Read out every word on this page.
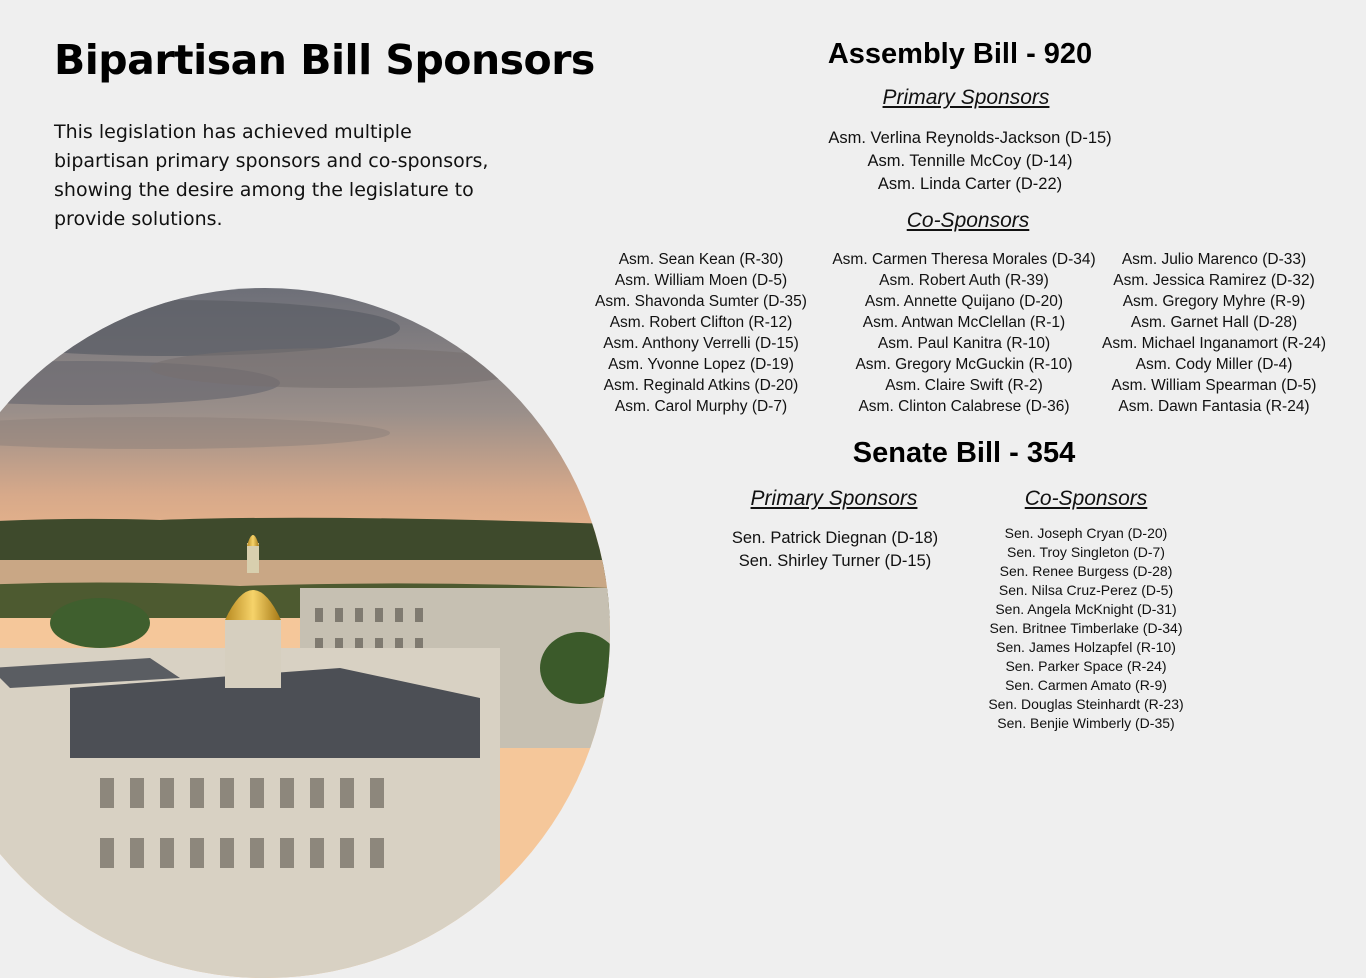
Bipartisan Bill Sponsors

This legislation has achieved multiple bipartisan primary sponsors and co-sponsors, showing the desire among the legislature to provide solutions.

Assembly Bill - 920
Primary Sponsors
Asm. Verlina Reynolds-Jackson (D-15)
Asm. Tennille McCoy (D-14)
Asm. Linda Carter (D-22)
Co-Sponsors
Asm. Sean Kean (R-30)
Asm. William Moen (D-5)
Asm. Shavonda Sumter (D-35)
Asm. Robert Clifton (R-12)
Asm. Anthony Verrelli (D-15)
Asm. Yvonne Lopez (D-19)
Asm. Reginald Atkins (D-20)
Asm. Carol Murphy (D-7)
Asm. Carmen Theresa Morales (D-34)
Asm. Robert Auth (R-39)
Asm. Annette Quijano (D-20)
Asm. Antwan McClellan (R-1)
Asm. Paul Kanitra (R-10)
Asm. Gregory McGuckin (R-10)
Asm. Claire Swift (R-2)
Asm. Clinton Calabrese (D-36)
Asm. Julio Marenco (D-33)
Asm. Jessica Ramirez (D-32)
Asm. Gregory Myhre (R-9)
Asm. Garnet Hall (D-28)
Asm. Michael Inganamort (R-24)
Asm. Cody Miller (D-4)
Asm. William Spearman (D-5)
Asm. Dawn Fantasia (R-24)
Senate Bill - 354
Primary Sponsors
Sen. Patrick Diegnan (D-18)
Sen. Shirley Turner (D-15)
Co-Sponsors
Sen. Joseph Cryan (D-20)
Sen. Troy Singleton (D-7)
Sen. Renee Burgess (D-28)
Sen. Nilsa Cruz-Perez (D-5)
Sen. Angela McKnight (D-31)
Sen. Britnee Timberlake (D-34)
Sen. James Holzapfel (R-10)
Sen. Parker Space (R-24)
Sen. Carmen Amato (R-9)
Sen. Douglas Steinhardt (R-23)
Sen. Benjie Wimberly (D-35)
